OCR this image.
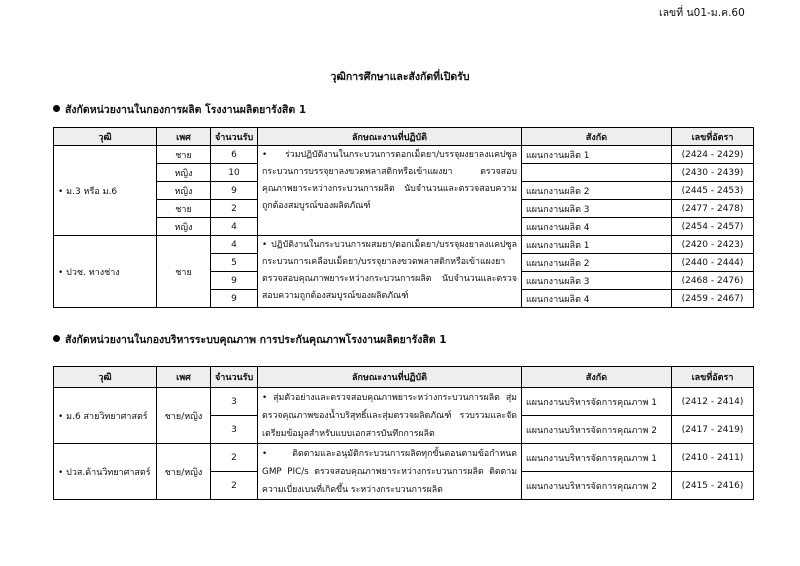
เลขที่ น01-ม.ค.60
วุฒิการศึกษาและสังกัดที่เปิดรับ
สังกัดหน่วยงานในกองการผลิต โรงงานผลิตยารังสิต 1
วุฒิ	เพศ	จำนวนรับ	ลักษณะงานที่ปฏิบัติ	สังกัด	เลขที่อัตรา
• ม.3 หรือ ม.6	ชาย	6	• ร่วมปฏิบัติงานในกระบวนการตอกเม็ดยา/บรรจุผงยาลงแคปซูล กระบวนการบรรจุยาลงขวดพลาสติกหรือเข้าแผงยา ตรวจสอบคุณภาพยาระหว่างกระบวนการผลิต นับจำนวนและตรวจสอบความถูกต้องสมบูรณ์ของผลิตภัณฑ์	แผนกงานผลิต 1	(2424 - 2429)
	หญิง	10			(2430 - 2439)
	หญิง	9		แผนกงานผลิต 2	(2445 - 2453)
	ชาย	2		แผนกงานผลิต 3	(2477 - 2478)
	หญิง	4		แผนกงานผลิต 4	(2454 - 2457)
• ปวช. ทางช่าง	ชาย	4	• ปฏิบัติงานในกระบวนการผสมยา/ตอกเม็ดยา/บรรจุผงยาลงแคปซูล กระบวนการเคลือบเม็ดยา/บรรจุยาลงขวดพลาสติกหรือเข้าแผงยาตรวจสอบคุณภาพยาระหว่างกระบวนการผลิต นับจำนวนและตรวจสอบความถูกต้องสมบูรณ์ของผลิตภัณฑ์	แผนกงานผลิต 1	(2420 - 2423)
		5		แผนกงานผลิต 2	(2440 - 2444)
		9		แผนกงานผลิต 3	(2468 - 2476)
		9		แผนกงานผลิต 4	(2459 - 2467)
สังกัดหน่วยงานในกองบริหารระบบคุณภาพ การประกันคุณภาพโรงงานผลิตยารังสิต 1
วุฒิ	เพศ	จำนวนรับ	ลักษณะงานที่ปฏิบัติ	สังกัด	เลขที่อัตรา
• ม.6 สายวิทยาศาสตร์	ชาย/หญิง	3	• สุ่มตัวอย่างและตรวจสอบคุณภาพยาระหว่างกระบวนการผลิต สุ่มตรวจคุณภาพของน้ำบริสุทธิ์และสุ่มตรวจผลิตภัณฑ์ รวบรวมและจัดเตรียมข้อมูลสำหรับแบบเอกสารบันทึกการผลิต	แผนกงานบริหารจัดการคุณภาพ 1	(2412 - 2414)
		3		แผนกงานบริหารจัดการคุณภาพ 2	(2417 - 2419)
• ปวส.ด้านวิทยาศาสตร์	ชาย/หญิง	2	• ติดตามและอนุมัติกระบวนการผลิตทุกขั้นตอนตามข้อกำหนด GMP PIC/s ตรวจสอบคุณภาพยาระหว่างกระบวนการผลิต ติดตามความเบี่ยงเบนที่เกิดขึ้น ระหว่างกระบวนการผลิต	แผนกงานบริหารจัดการคุณภาพ 1	(2410 - 2411)
		2		แผนกงานบริหารจัดการคุณภาพ 2	(2415 - 2416)
